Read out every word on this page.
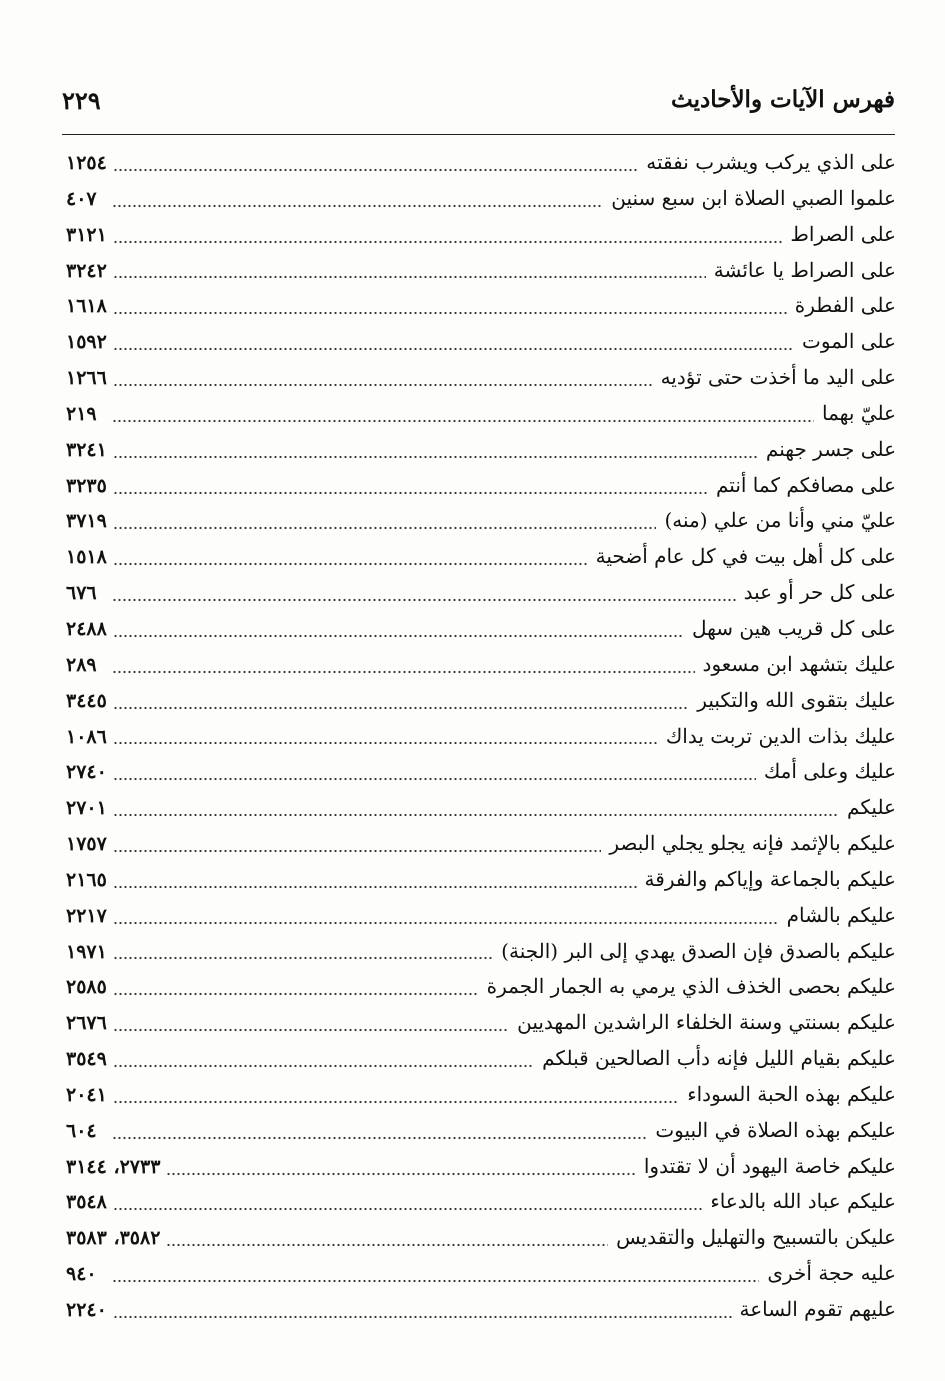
فهرس الآيات والأحاديث
٢٢٩
على الذي يركب ويشرب نفقته
١٢٥٤
علموا الصبي الصلاة ابن سبع سنين
٤٠٧
على الصراط
٣١٢١
على الصراط يا عائشة
٣٢٤٢
على الفطرة
١٦١٨
على الموت
١٥٩٢
على اليد ما أخذت حتى تؤديه
١٢٦٦
عليّ بهما
٢١٩
على جسر جهنم
٣٢٤١
على مصافكم كما أنتم
٣٢٣٥
عليّ مني وأنا من علي (منه)
٣٧١٩
على كل أهل بيت في كل عام أضحية
١٥١٨
على كل حر أو عبد
٦٧٦
على كل قريب هين سهل
٢٤٨٨
عليك بتشهد ابن مسعود
٢٨٩
عليك بتقوى الله والتكبير
٣٤٤٥
عليك بذات الدين تربت يداك
١٠٨٦
عليك وعلى أمك
٢٧٤٠
عليكم
٢٧٠١
عليكم بالإثمد فإنه يجلو يجلي البصر
١٧٥٧
عليكم بالجماعة وإياكم والفرقة
٢١٦٥
عليكم بالشام
٢٢١٧
عليكم بالصدق فإن الصدق يهدي إلى البر (الجنة)
١٩٧١
عليكم بحصى الخذف الذي يرمي به الجمار الجمرة
٢٥٨٥
عليكم بسنتي وسنة الخلفاء الراشدين المهديين
٢٦٧٦
عليكم بقيام الليل فإنه دأب الصالحين قبلكم
٣٥٤٩
عليكم بهذه الحبة السوداء
٢٠٤١
عليكم بهذه الصلاة في البيوت
٦٠٤
عليكم خاصة اليهود أن لا تقتدوا
٢٧٣٣، ٣١٤٤
عليكم عباد الله بالدعاء
٣٥٤٨
عليكن بالتسبيح والتهليل والتقديس
٣٥٨٢، ٣٥٨٣
عليه حجة أخرى
٩٤٠
عليهم تقوم الساعة
٢٢٤٠
